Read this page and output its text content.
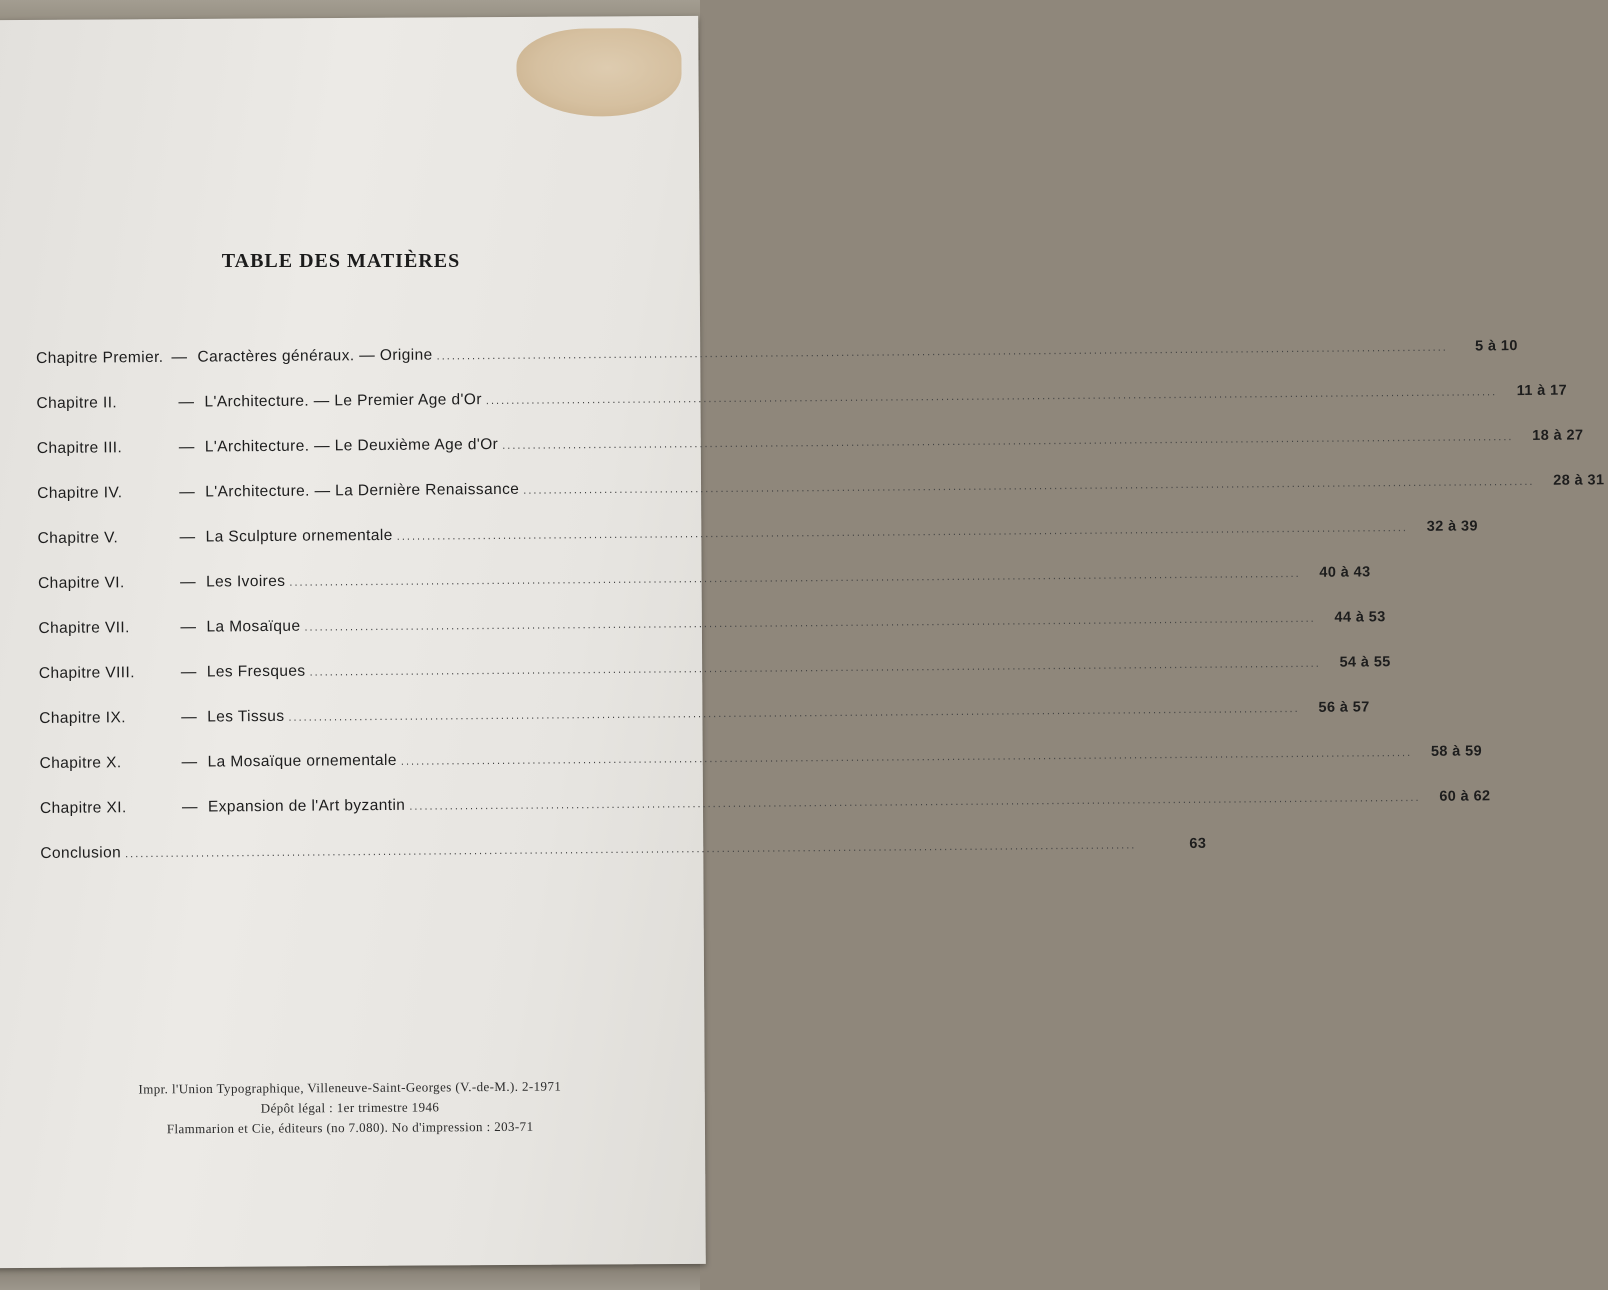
TABLE DES MATIÈRES
Chapitre Premier. — Caractères généraux. — Origine ........................................................................................................................................................................................................	5 à 10
Chapitre II.	— L'Architecture. — Le Premier Age d'Or ........................................................................................................................................................................................................	11 à 17
Chapitre III.	— L'Architecture. — Le Deuxième Age d'Or ........................................................................................................................................................................................................	18 à 27
Chapitre IV.	— L'Architecture. — La Dernière Renaissance ........................................................................................................................................................................................................	28 à 31
Chapitre V.	— La Sculpture ornementale ........................................................................................................................................................................................................	32 à 39
Chapitre VI.	— Les Ivoires ........................................................................................................................................................................................................	40 à 43
Chapitre VII.	— La Mosaïque ........................................................................................................................................................................................................	44 à 53
Chapitre VIII.	— Les Fresques ........................................................................................................................................................................................................	54 à 55
Chapitre IX.	— Les Tissus ........................................................................................................................................................................................................	56 à 57
Chapitre X.	— La Mosaïque ornementale ........................................................................................................................................................................................................	58 à 59
Chapitre XI.	— Expansion de l'Art byzantin ........................................................................................................................................................................................................	60 à 62
Conclusion ........................................................................................................................................................................................................	63
Impr. l'Union Typographique, Villeneuve-Saint-Georges (V.-de-M.). 2-1971
Dépôt légal : 1er trimestre 1946
Flammarion et Cie, éditeurs (no 7.080). No d'impression : 203-71
